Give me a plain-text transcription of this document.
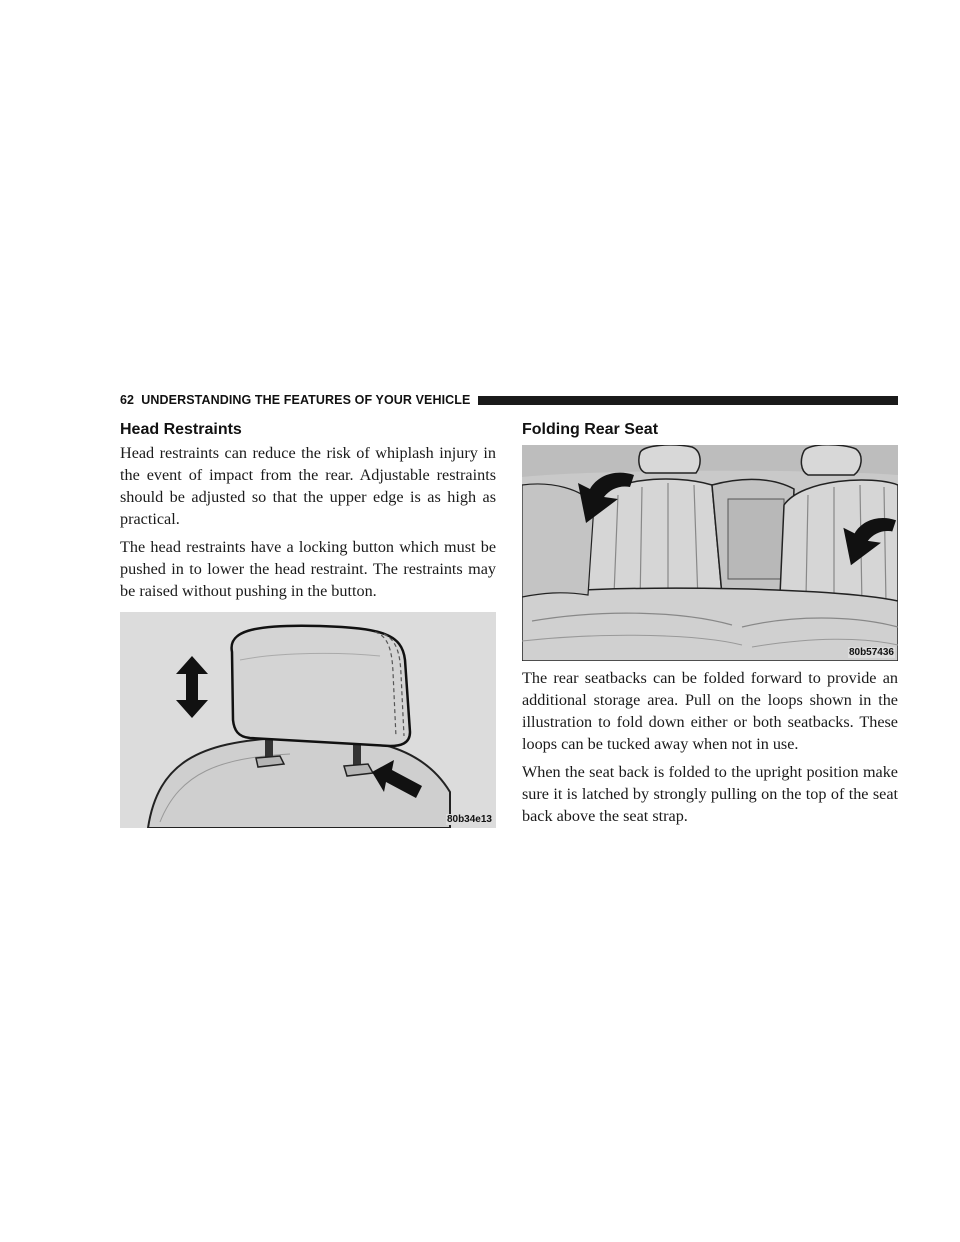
62 UNDERSTANDING THE FEATURES OF YOUR VEHICLE
Head Restraints

Head restraints can reduce the risk of whiplash injury in the event of impact from the rear. Adjustable restraints should be adjusted so that the upper edge is as high as practical.

The head restraints have a locking button which must be pushed in to lower the head restraint. The restraints may be raised without pushing in the button.

80b34e13
Folding Rear Seat
80b57436

The rear seatbacks can be folded forward to provide an additional storage area. Pull on the loops shown in the illustration to fold down either or both seatbacks. These loops can be tucked away when not in use.

When the seat back is folded to the upright position make sure it is latched by strongly pulling on the top of the seat back above the seat strap.
